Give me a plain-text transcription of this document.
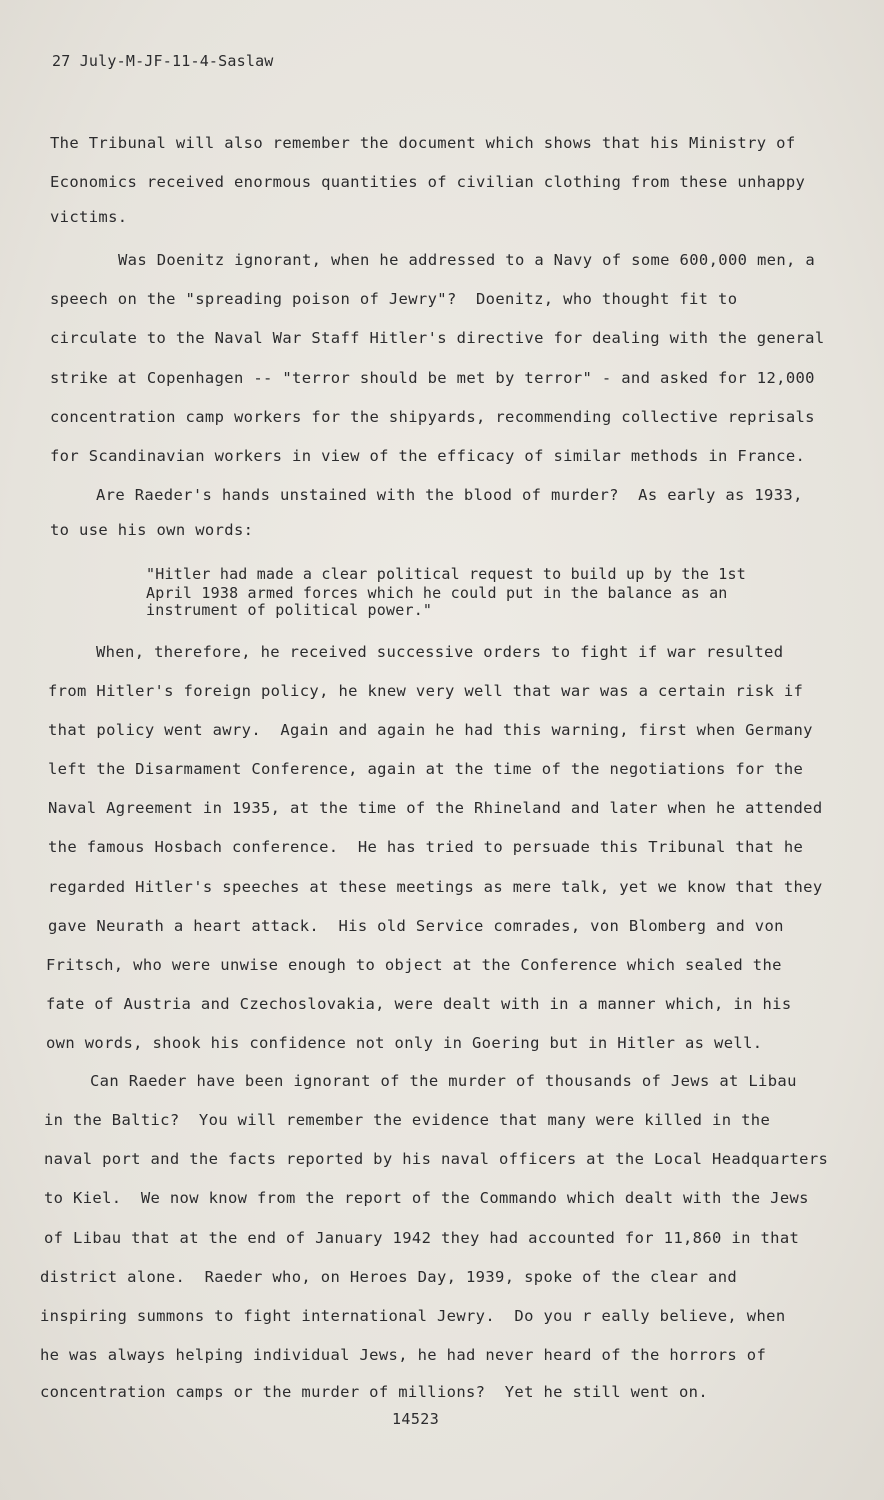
27 July-M-JF-11-4-Saslaw
The Tribunal will also remember the document which shows that his Ministry of
Economics received enormous quantities of civilian clothing from these unhappy
victims.
Was Doenitz ignorant, when he addressed to a Navy of some 600,000 men, a
speech on the "spreading poison of Jewry"?  Doenitz, who thought fit to
circulate to the Naval War Staff Hitler's directive for dealing with the general
strike at Copenhagen -- "terror should be met by terror" - and asked for 12,000
concentration camp workers for the shipyards, recommending collective reprisals
for Scandinavian workers in view of the efficacy of similar methods in France.
Are Raeder's hands unstained with the blood of murder?  As early as 1933,
to use his own words:
"Hitler had made a clear political request to build up by the 1st
April 1938 armed forces which he could put in the balance as an
instrument of political power."
When, therefore, he received successive orders to fight if war resulted
from Hitler's foreign policy, he knew very well that war was a certain risk if
that policy went awry.  Again and again he had this warning, first when Germany
left the Disarmament Conference, again at the time of the negotiations for the
Naval Agreement in 1935, at the time of the Rhineland and later when he attended
the famous Hosbach conference.  He has tried to persuade this Tribunal that he
regarded Hitler's speeches at these meetings as mere talk, yet we know that they
gave Neurath a heart attack.  His old Service comrades, von Blomberg and von
Fritsch, who were unwise enough to object at the Conference which sealed the
fate of Austria and Czechoslovakia, were dealt with in a manner which, in his
own words, shook his confidence not only in Goering but in Hitler as well.
Can Raeder have been ignorant of the murder of thousands of Jews at Libau
in the Baltic?  You will remember the evidence that many were killed in the
naval port and the facts reported by his naval officers at the Local Headquarters
to Kiel.  We now know from the report of the Commando which dealt with the Jews
of Libau that at the end of January 1942 they had accounted for 11,860 in that
district alone.  Raeder who, on Heroes Day, 1939, spoke of the clear and
inspiring summons to fight international Jewry.  Do you r eally believe, when
he was always helping individual Jews, he had never heard of the horrors of
concentration camps or the murder of millions?  Yet he still went on.
14523
